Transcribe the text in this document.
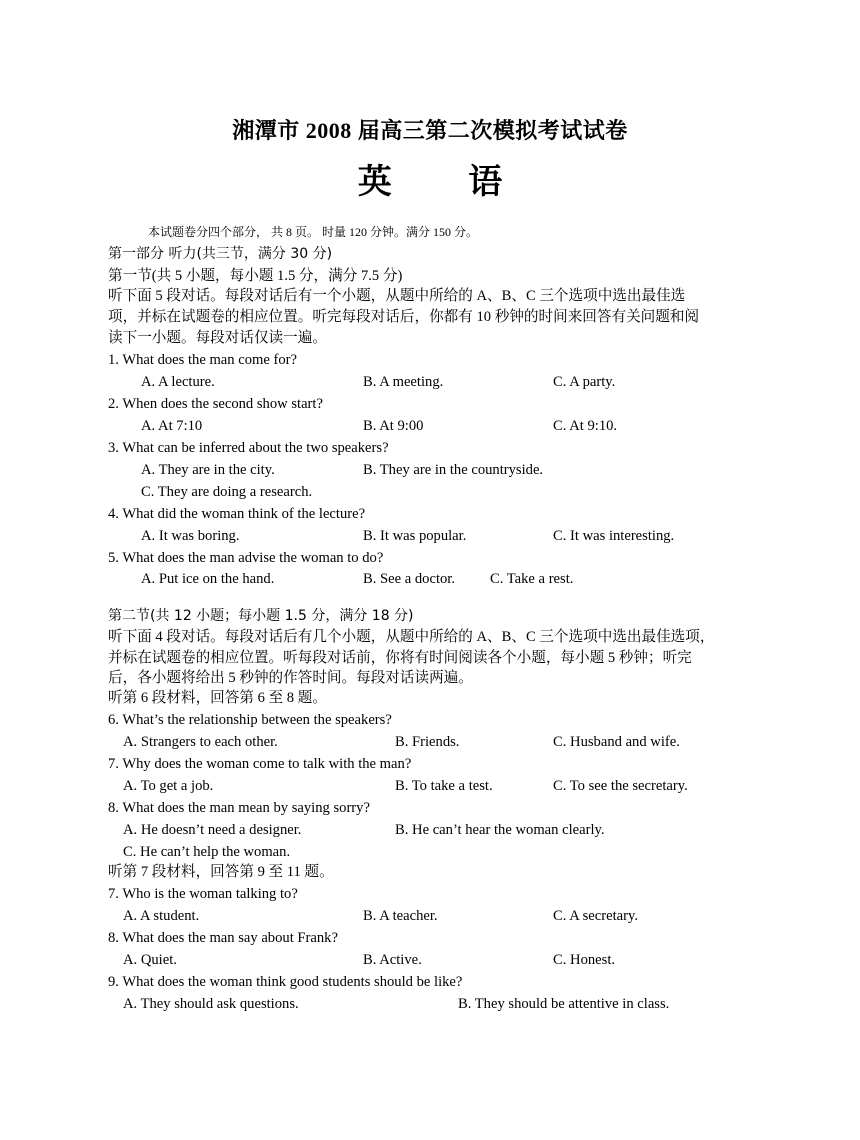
湘潭市 2008 届高三第二次模拟考试试卷
英 语
本试题卷分四个部分， 共 8 页。 时量 120 分钟。满分 150 分。
第一部分 听力(共三节，满分 30 分)
第一节(共 5 小题，每小题 1.5 分，满分 7.5 分)
听下面 5 段对话。每段对话后有一个小题，从题中所给的 A、B、C 三个选项中选出最佳选
项，并标在试题卷的相应位置。听完每段对话后，你都有 10 秒钟的时间来回答有关问题和阅
读下一小题。每段对话仅读一遍。
1. What does the man come for?
A. A lecture.	B. A meeting.	C. A party.
2. When does the second show start?
A. At 7:10	B. At 9:00	C. At 9:10.
3. What can be inferred about the two speakers?
A. They are in the city.	B. They are in the countryside.
C. They are doing a research.
4. What did the woman think of the lecture?
A. It was boring.	B. It was popular.	C. It was interesting.
5. What does the man advise the woman to do?
A. Put ice on the hand.	B. See a doctor. C. Take a rest.
第二节(共 12 小题；每小题 1.5 分，满分 18 分)
听下面 4 段对话。每段对话后有几个小题，从题中所给的 A、B、C 三个选项中选出最佳选项，
并标在试题卷的相应位置。听每段对话前，你将有时间阅读各个小题，每小题 5 秒钟；听完
后，各小题将给出 5 秒钟的作答时间。每段对话读两遍。
听第 6 段材料，回答第 6 至 8 题。
6. What’s the relationship between the speakers?
A. Strangers to each other.	B. Friends.	C. Husband and wife.
7. Why does the woman come to talk with the man?
A. To get a job.	B. To take a test.	C. To see the secretary.
8. What does the man mean by saying sorry?
A. He doesn’t need a designer.	B. He can’t hear the woman clearly.
C. He can’t help the woman.
听第 7 段材料，回答第 9 至 11 题。
7. Who is the woman talking to?
A. A student.	B. A teacher.	C. A secretary.
8. What does the man say about Frank?
A. Quiet.	B. Active.	C. Honest.
9. What does the woman think good students should be like?
A. They should ask questions.	B. They should be attentive in class.
